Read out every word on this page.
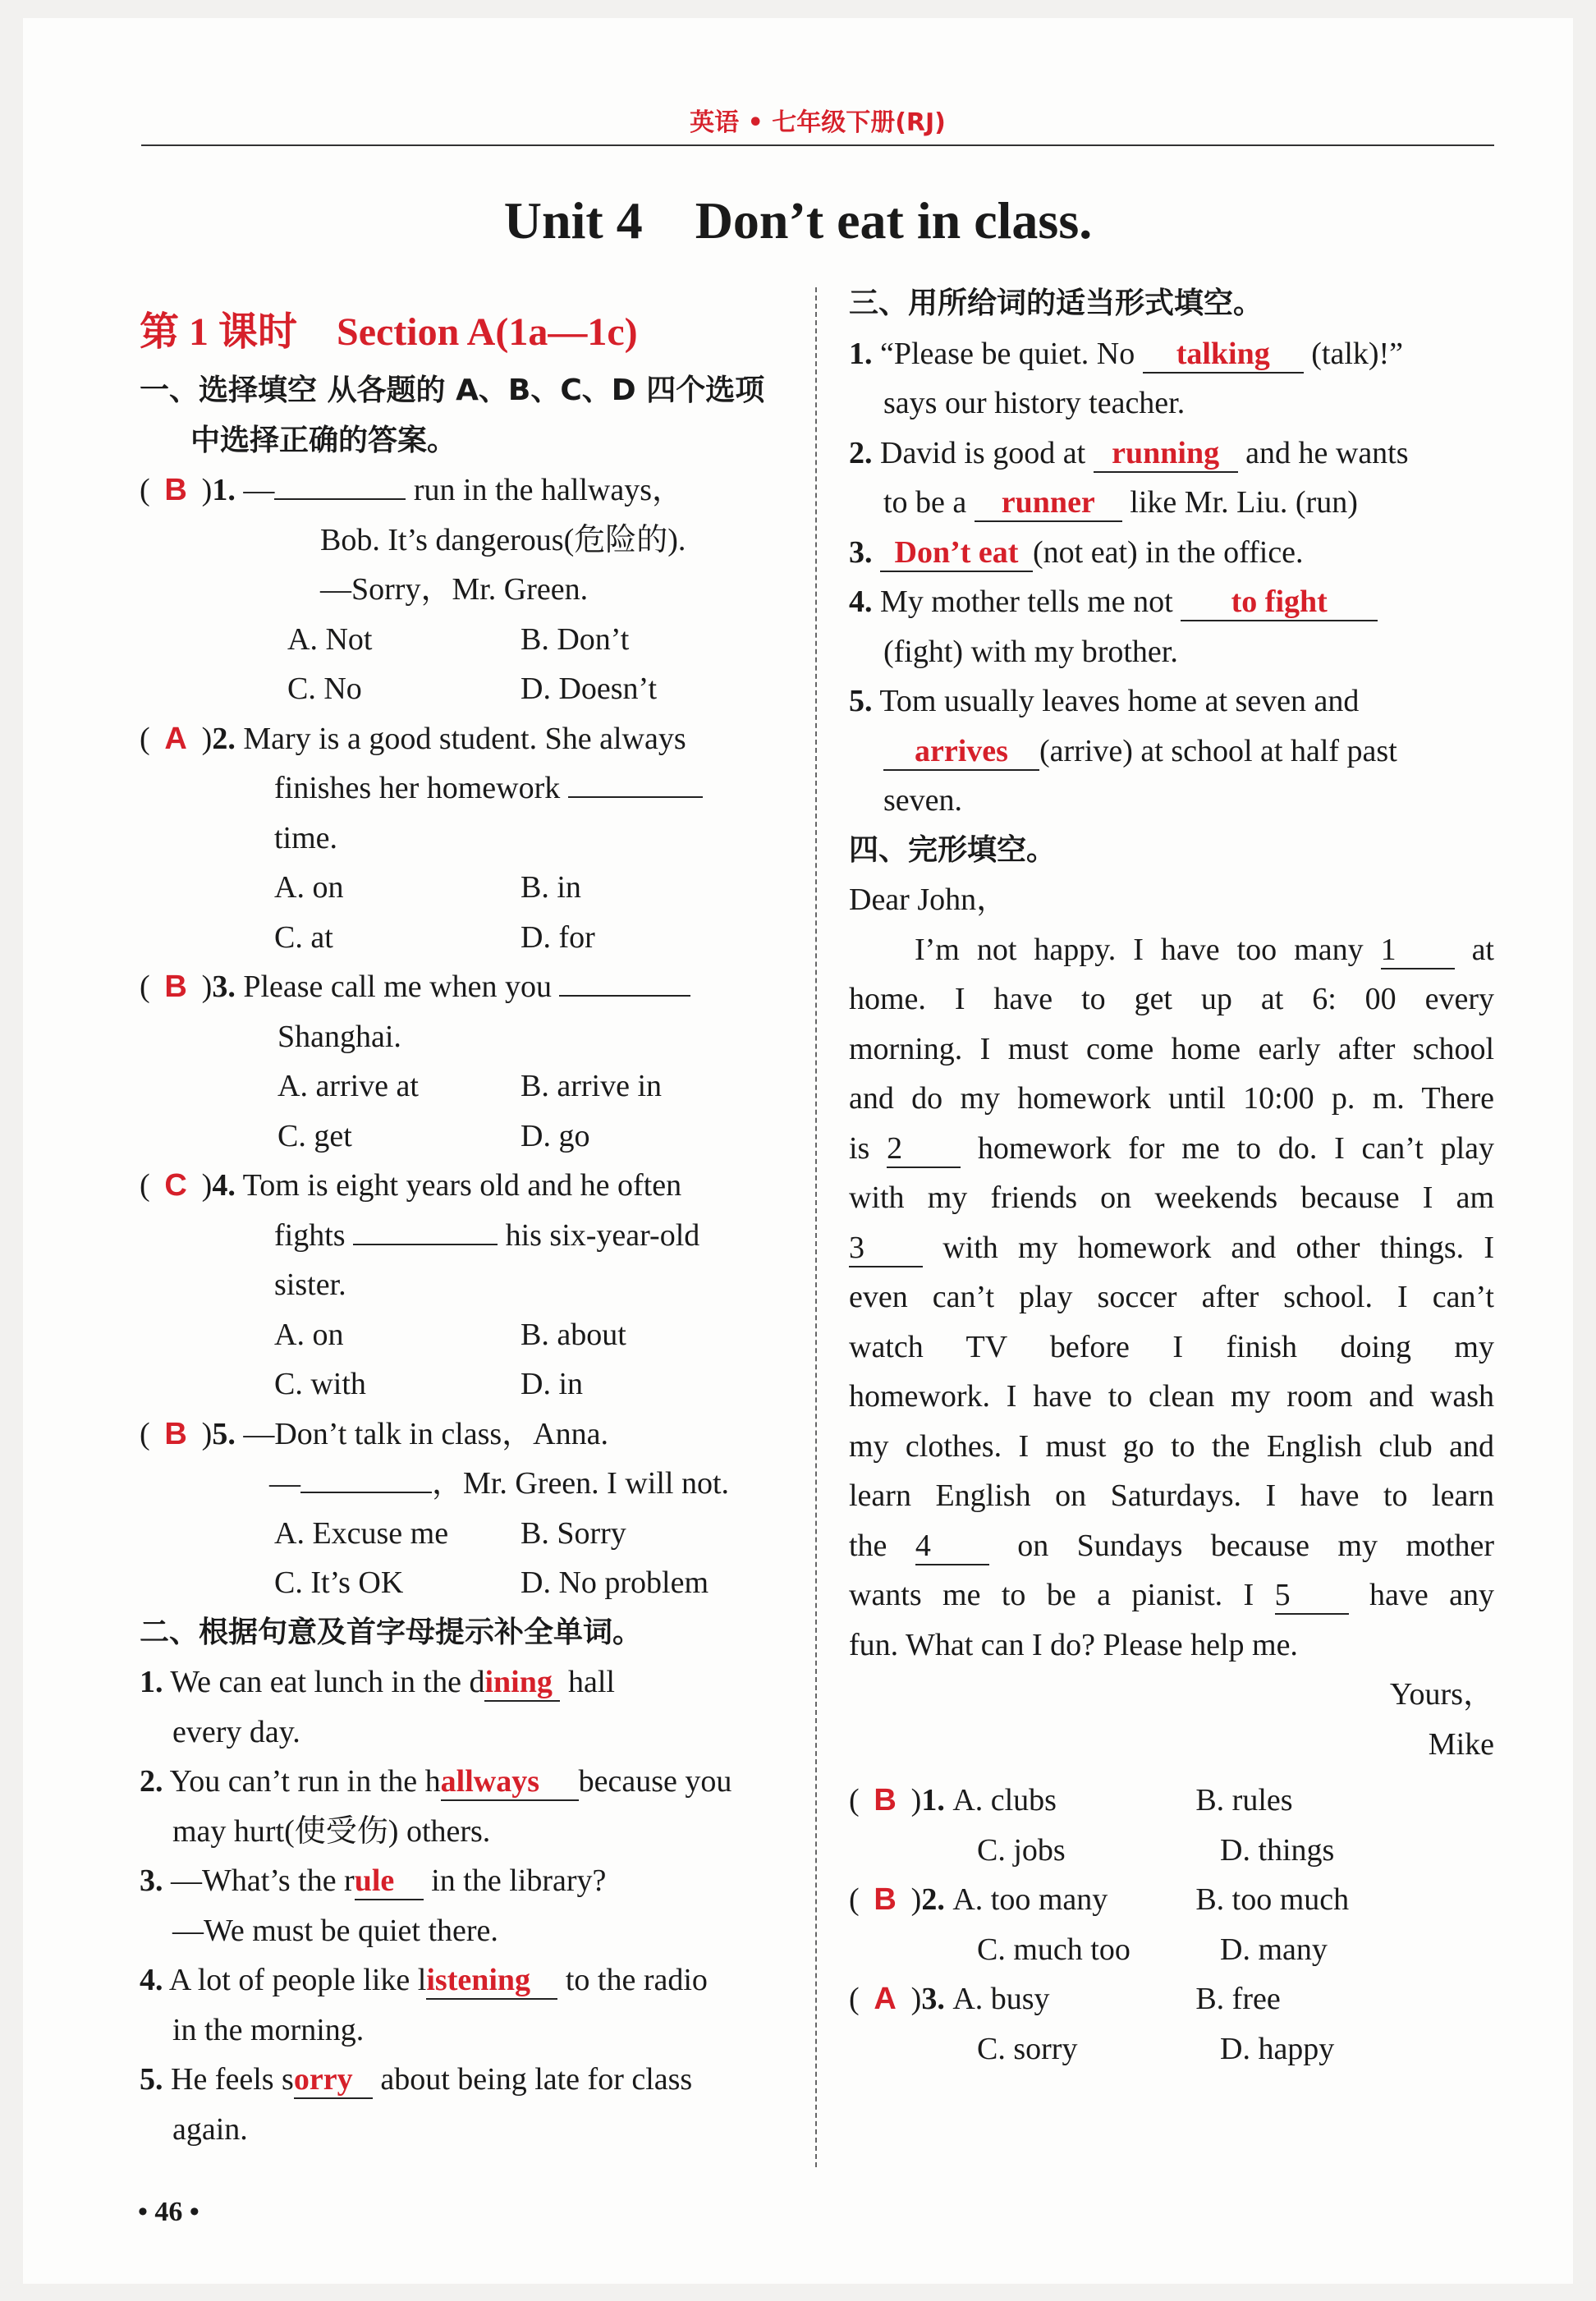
英语 • 七年级下册(RJ)
Unit 4    Don’t eat in class.
第 1 课时    Section A(1a—1c)
一、选择填空 从各题的 A、B、C、D 四个选项
中选择正确的答案。
( B )1. —	run in the hallways，
Bob. It’s dangerous(危险的).
—Sorry，Mr. Green.
A. Not	B. Don’t
C. No	D. Doesn’t
( A )2. Mary is a good student. She always
finishes her homework
time.
A. on	B. in
C. at	D. for
( B )3. Please call me when you
Shanghai.
A. arrive at	B. arrive in
C. get	D. go
( C )4. Tom is eight years old and he often
fights	his six-year-old
sister.
A. on	B. about
C. with	D. in
( B )5. —Don’t talk in class，Anna.
—	，Mr. Green. I will not.
A. Excuse me	B. Sorry
C. It’s OK	D. No problem
二、根据句意及首字母提示补全单词。
1. We can eat lunch in the dining hall
every day.
2. You can’t run in the hallways because you
may hurt(使受伤) others.
3. —What’s the rule in the library?
—We must be quiet there.
4. A lot of people like listening to the radio
in the morning.
5. He feels sorry about being late for class
again.
三、用所给词的适当形式填空。
1. “Please be quiet. No talking (talk)!”
says our history teacher.
2. David is good at running and he wants
to be a runner like Mr. Liu. (run)
3. Don’t eat (not eat) in the office.
4. My mother tells me not to fight
(fight) with my brother.
5. Tom usually leaves home at seven and
arrives (arrive) at school at half past
seven.
四、完形填空。
Dear John，
I’m not happy. I have too many 1 at
home. I have to get up at 6: 00 every
morning. I must come home early after school
and do my homework until 10:00 p. m. There
is 2 homework for me to do. I can’t play
with my friends on weekends because I am
3	with my homework and other things. I
even can’t play soccer after school. I can’t
watch TV before I finish doing my
homework. I have to clean my room and wash
my clothes. I must go to the English club and
learn English on Saturdays. I have to learn
the 4	on Sundays because my mother
wants me to be a pianist. I 5	have any
fun. What can I do? Please help me.
Yours，
Mike
( B )1. A. clubs	B. rules
C. jobs	D. things
( B )2. A. too many	B. too much
C. much too	D. many
( A )3. A. busy	B. free
C. sorry	D. happy
• 46 •
